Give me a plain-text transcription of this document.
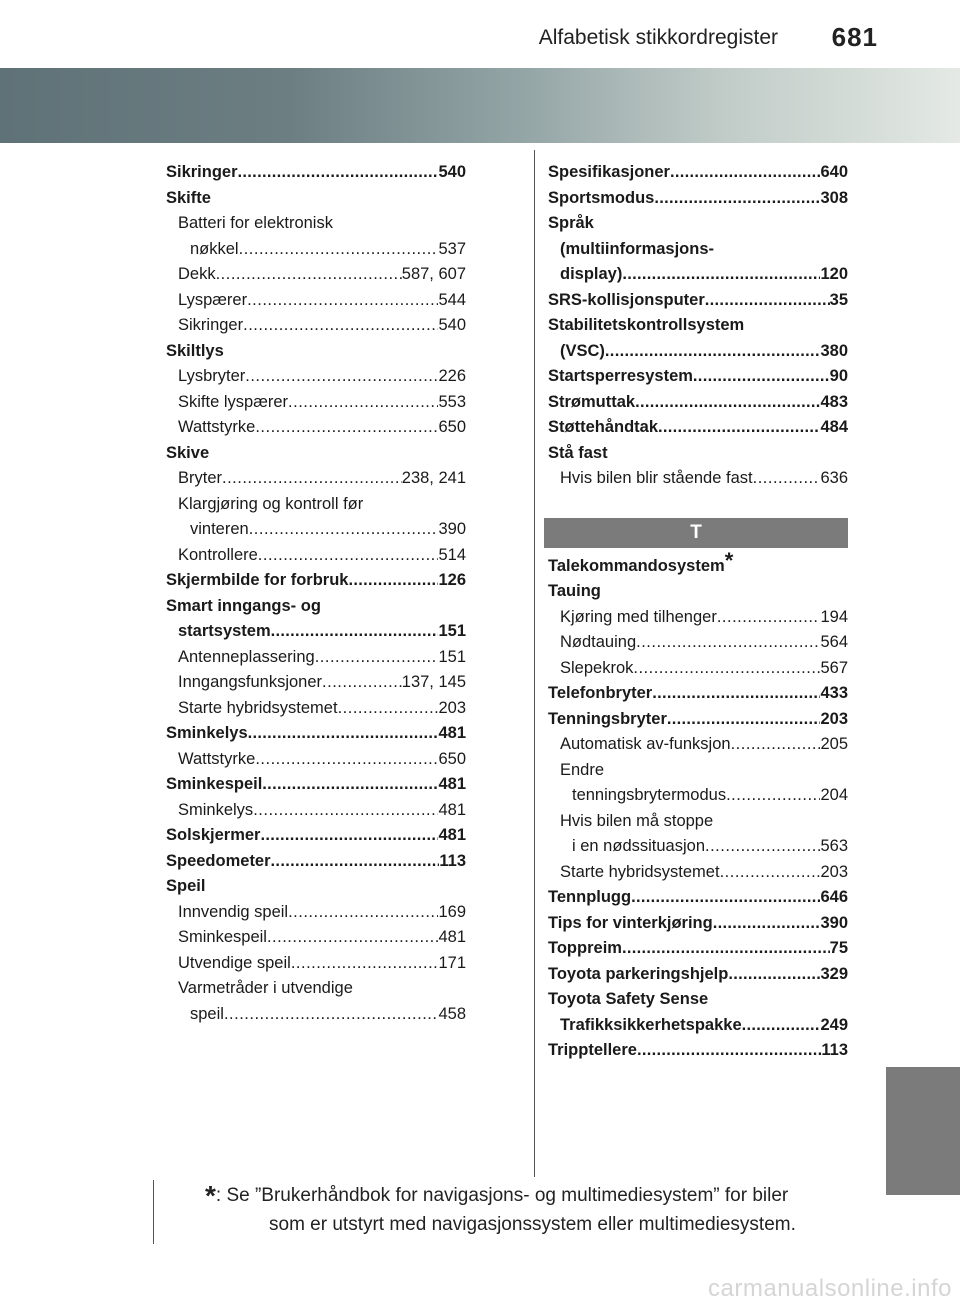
Alfabetisk stikkordregister 681
Sikringer .....	540
Skifte
Batteri for elektronisk
nøkkel .....	537
Dekk .....	587, 607
Lyspærer .....	544
Sikringer .....	540
Skiltlys
Lysbryter .....	226
Skifte lyspærer .....	553
Wattstyrke .....	650
Skive
Bryter .....	238, 241
Klargjøring og kontroll før
vinteren .....	390
Kontrollere .....	514
Skjermbilde for forbruk .....	126
Smart inngangs- og
startsystem .....	151
Antenneplassering .....	151
Inngangsfunksjoner .....	137, 145
Starte hybridsystemet .....	203
Sminkelys .....	481
Wattstyrke .....	650
Sminkespeil .....	481
Sminkelys .....	481
Solskjermer .....	481
Speedometer .....	113
Speil
Innvendig speil .....	169
Sminkespeil .....	481
Utvendige speil .....	171
Varmetråder i utvendige
speil .....	458
Spesifikasjoner .....	640
Sportsmodus .....	308
Språk
(multiinformasjons-
display) .....	120
SRS-kollisjonsputer .....	35
Stabilitetskontrollsystem
(VSC) .....	380
Startsperresystem .....	90
Strømuttak .....	483
Støttehåndtak .....	484
Stå fast
Hvis bilen blir stående fast .....	636
T
Talekommandosystem *
Tauing
Kjøring med tilhenger .....	194
Nødtauing .....	564
Slepekrok .....	567
Telefonbryter .....	433
Tenningsbryter .....	203
Automatisk av-funksjon .....	205
Endre
tenningsbrytermodus .....	204
Hvis bilen må stoppe
i en nødssituasjon .....	563
Starte hybridsystemet .....	203
Tennplugg .....	646
Tips for vinterkjøring .....	390
Toppreim .....	75
Toyota parkeringshjelp .....	329
Toyota Safety Sense
Trafikksikkerhetspakke .....	249
Tripptellere .....	113
*: Se ”Brukerhåndbok for navigasjons- og multimediesystem” for biler
som er utstyrt med navigasjonssystem eller multimediesystem.
carmanualsonline.info
